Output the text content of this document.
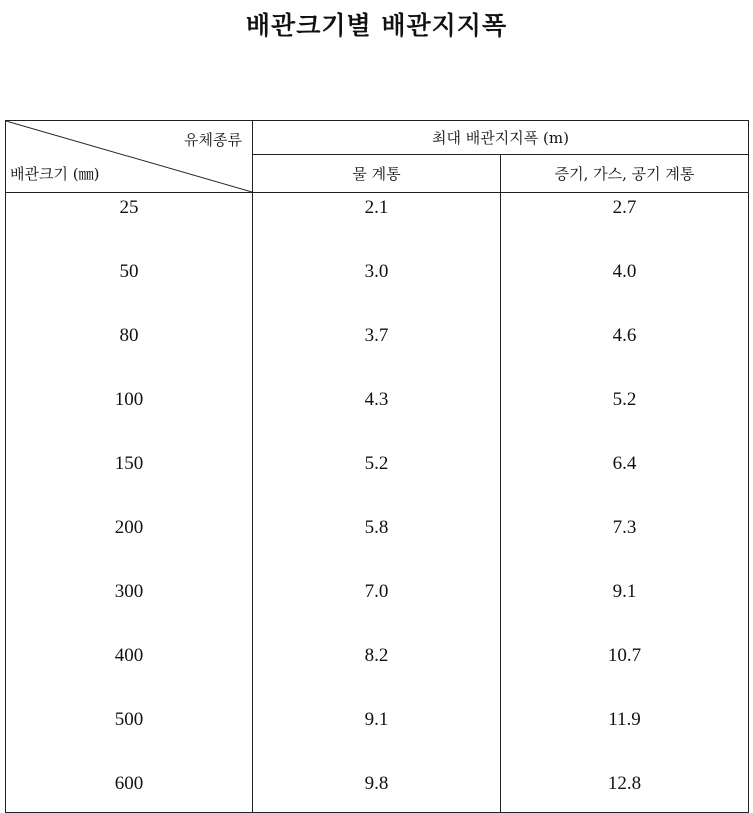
배관크기별 배관지지폭
유체종류
배관크기 (㎜)	최대 배관지지폭 (m)	
	물 계통	증기, 가스, 공기 계통
25	2.1	2.7
50	3.0	4.0
80	3.7	4.6
100	4.3	5.2
150	5.2	6.4
200	5.8	7.3
300	7.0	9.1
400	8.2	10.7
500	9.1	11.9
600	9.8	12.8
